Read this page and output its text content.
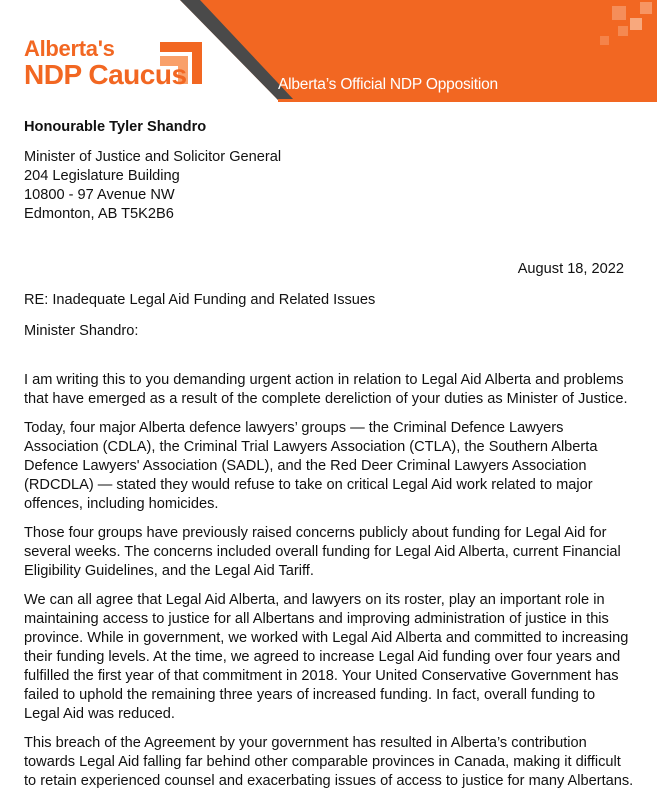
Alberta's
NDP Caucus	Alberta’s Official NDP Opposition
Honourable Tyler Shandro
Minister of Justice and Solicitor General
204 Legislature Building
10800 - 97 Avenue NW
Edmonton, AB T5K2B6
August 18, 2022
RE: Inadequate Legal Aid Funding and Related Issues
Minister Shandro:

I am writing this to you demanding urgent action in relation to Legal Aid Alberta and problems that have emerged as a result of the complete dereliction of your duties as Minister of Justice.

Today, four major Alberta defence lawyers’ groups — the Criminal Defence Lawyers Association (CDLA), the Criminal Trial Lawyers Association (CTLA), the Southern Alberta Defence Lawyers' Association (SADL), and the Red Deer Criminal Lawyers Association (RDCDLA) — stated they would refuse to take on critical Legal Aid work related to major offences, including homicides.

Those four groups have previously raised concerns publicly about funding for Legal Aid for several weeks. The concerns included overall funding for Legal Aid Alberta, current Financial Eligibility Guidelines, and the Legal Aid Tariff.

We can all agree that Legal Aid Alberta, and lawyers on its roster, play an important role in maintaining access to justice for all Albertans and improving administration of justice in this province. While in government, we worked with Legal Aid Alberta and committed to increasing their funding levels. At the time, we agreed to increase Legal Aid funding over four years and fulfilled the first year of that commitment in 2018. Your United Conservative Government has failed to uphold the remaining three years of increased funding. In fact, overall funding to Legal Aid was reduced.

This breach of the Agreement by your government has resulted in Alberta’s contribution towards Legal Aid falling far behind other comparable provinces in Canada, making it difficult to retain experienced counsel and exacerbating issues of access to justice for many Albertans.
